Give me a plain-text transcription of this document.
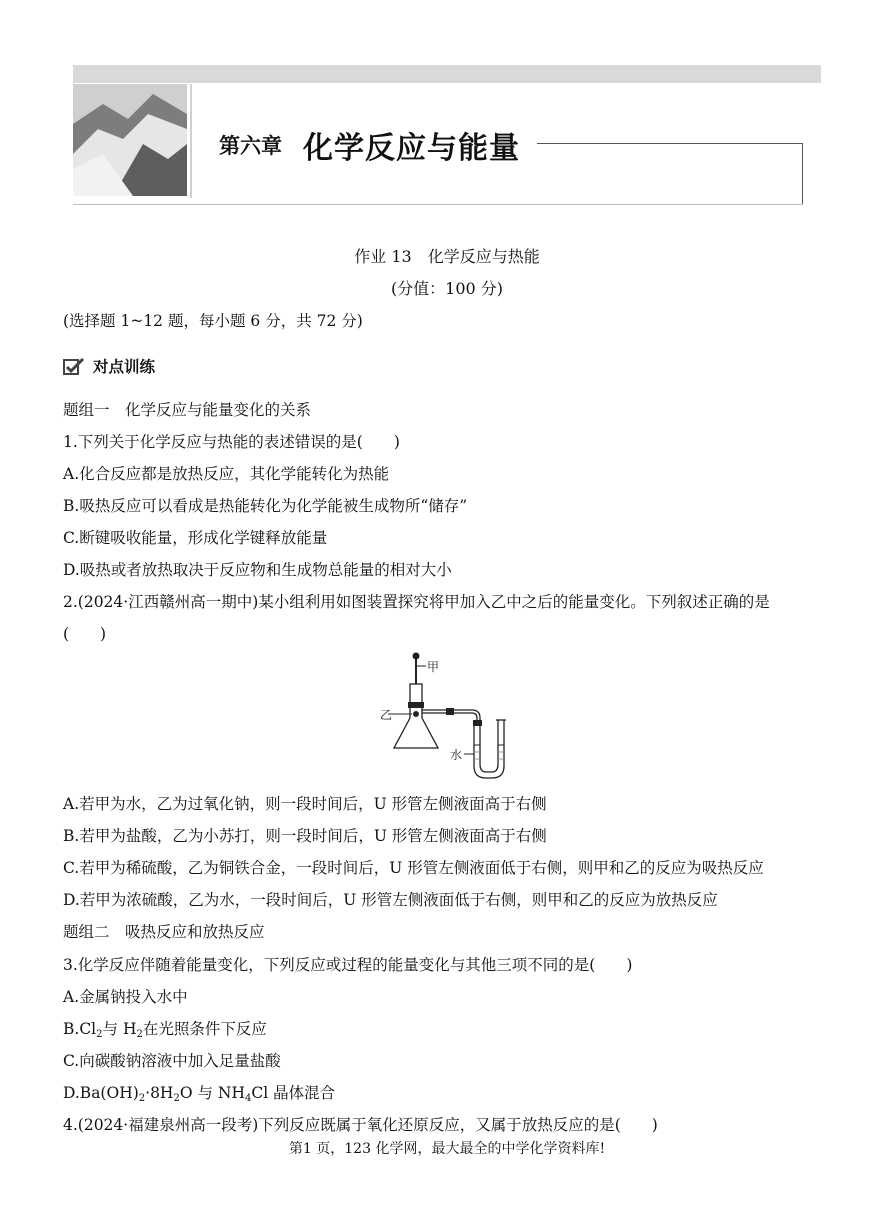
第六章 化学反应与能量
作业 13　化学反应与热能
(分值：100 分)
(选择题 1~12 题，每小题 6 分，共 72 分)
对点训练
题组一　化学反应与能量变化的关系
1.下列关于化学反应与热能的表述错误的是(　　)
A.化合反应都是放热反应，其化学能转化为热能
B.吸热反应可以看成是热能转化为化学能被生成物所“储存”
C.断键吸收能量，形成化学键释放能量
D.吸热或者放热取决于反应物和生成物总能量的相对大小
2.(2024·江西赣州高一期中)某小组利用如图装置探究将甲加入乙中之后的能量变化。下列叙述正确的是
(　　)
甲
乙
水
A.若甲为水，乙为过氧化钠，则一段时间后，U 形管左侧液面高于右侧
B.若甲为盐酸，乙为小苏打，则一段时间后，U 形管左侧液面高于右侧
C.若甲为稀硫酸，乙为铜铁合金，一段时间后，U 形管左侧液面低于右侧，则甲和乙的反应为吸热反应
D.若甲为浓硫酸，乙为水，一段时间后，U 形管左侧液面低于右侧，则甲和乙的反应为放热反应
题组二　吸热反应和放热反应
3.化学反应伴随着能量变化，下列反应或过程的能量变化与其他三项不同的是(　　)
A.金属钠投入水中
$B.Cl_2$与 $H_2$在光照条件下反应
C.向碳酸钠溶液中加入足量盐酸
$D.Ba(OH)_2\cdot 8H_2O$ 与 $NH_4Cl$ 晶体混合
4.(2024·福建泉州高一段考)下列反应既属于氧化还原反应，又属于放热反应的是(　　)
第1 页，123 化学网，最大最全的中学化学资料库!
